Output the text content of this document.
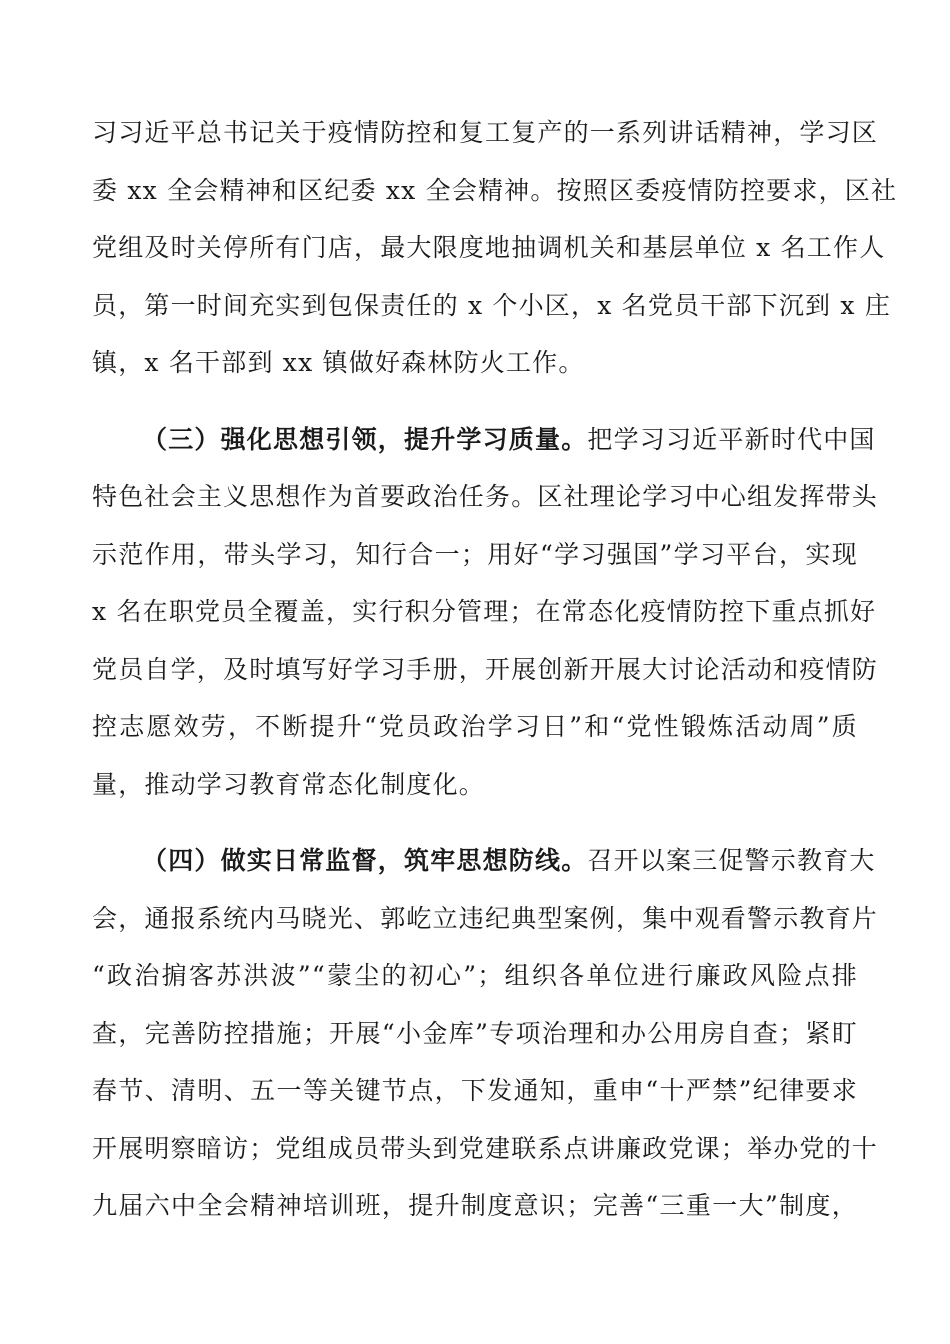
习习近平总书记关于疫情防控和复工复产的一系列讲话精神，学习区
委 xx 全会精神和区纪委 xx 全会精神。按照区委疫情防控要求，区社
党组及时关停所有门店，最大限度地抽调机关和基层单位 x 名工作人
员，第一时间充实到包保责任的 x 个小区，x 名党员干部下沉到 x 庄
镇，x 名干部到 xx 镇做好森林防火工作。
（三）强化思想引领，提升学习质量。把学习习近平新时代中国
特色社会主义思想作为首要政治任务。区社理论学习中心组发挥带头
示范作用，带头学习，知行合一；用好“学习强国”学习平台，实现
x 名在职党员全覆盖，实行积分管理；在常态化疫情防控下重点抓好
党员自学，及时填写好学习手册，开展创新开展大讨论活动和疫情防
控志愿效劳，不断提升“党员政治学习日”和“党性锻炼活动周”质
量，推动学习教育常态化制度化。
（四）做实日常监督，筑牢思想防线。召开以案三促警示教育大
会，通报系统内马晓光、郭屹立违纪典型案例，集中观看警示教育片
“政治掮客苏洪波”“蒙尘的初心”；组织各单位进行廉政风险点排
查，完善防控措施；开展“小金库”专项治理和办公用房自查；紧盯
春节、清明、五一等关键节点，下发通知，重申“十严禁”纪律要求
开展明察暗访；党组成员带头到党建联系点讲廉政党课；举办党的十
九届六中全会精神培训班，提升制度意识；完善“三重一大”制度，
